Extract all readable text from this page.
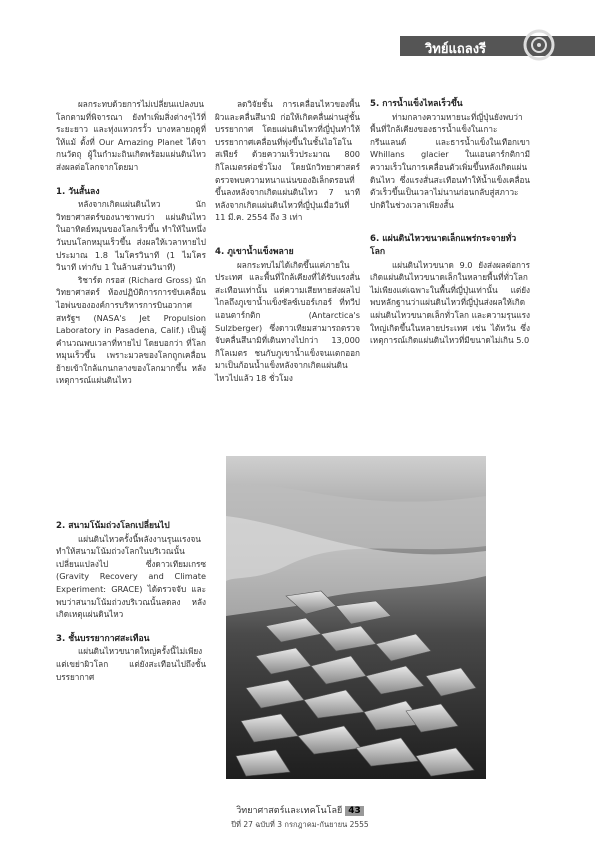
วิทย์แถลงรี

ผลกระทบด้วยการไม่เปลี่ยนแปลงบนโลกตามที่พิจารณา ยังทำเพิ่มสิ่งต่างๆไว้ที่ระยะยาว และทุ่งแหวกรวั้ว บางหลายฤดูที่ให้แม้ ตั้งที่ Our Amazing Planet ได้จากนวัตถุ ผู้ในกำมะถินเกิดพร้อมแผ่นดินไหว ส่งผลต่อโลกจากโดยมา

1. วันสั้นลง

หลังจากเกิดแผ่นดินไหว นักวิทยาศาสตร์ของนาซาพบว่า แผ่นดินไหวในอาทิตย์หมุนของโลกเร็วขึ้น ทำให้ในหนึ่งวันบนโลกหมุนเร็วขึ้น ส่งผลให้เวลาหายไปประมาณ 1.8 ไมโครวินาที (1 ไมโครวินาที เท่ากับ 1 ในล้านส่วนวินาที)

ริชาร์ด กรอส (Richard Gross) นักวิทยาศาสตร์ ห้องปฏิบัติการการขับเคลื่อนไอพ่นขององค์การบริหารการบินอวกาศสหรัฐฯ (NASA's Jet Propulsion Laboratory in Pasadena, Calif.) เป็นผู้คำนวณพบเวลาที่หายไป โดยบอกว่า ที่โลกหมุนเร็วขึ้น เพราะมวลของโลกถูกเคลื่อนย้ายเข้าใกล้แกนกลางของโลกมากขึ้น หลังเหตุการณ์แผ่นดินไหว

2. สนามโน้มถ่วงโลกเปลี่ยนไป

แผ่นดินไหวครั้งนี้พลังงานรุนแรงจนทำให้สนามโน้มถ่วงโลกในบริเวณนั้นเปลี่ยนแปลงไป ซึ่งดาวเทียมเกรซ (Gravity Recovery and Climate Experiment: GRACE) ได้ตรวจจับ และพบว่าสนามโน้มถ่วงบริเวณนั้นลดลง หลังเกิดเหตุแผ่นดินไหว

3. ชั้นบรรยากาศสะเทือน

แผ่นดินไหวขนาดใหญ่ครั้งนี้ไม่เพียงแต่เขย่าผิวโลก แต่ยังสะเทือนไปถึงชั้นบรรยากาศ

ลดวิจัยชั้น การเคลื่อนไหวของพื้นผิวและคลื่นสึนามิ ก่อให้เกิดคลื่นผ่านสู่ชั้นบรรยากาศ โดยแผ่นดินไหวที่ญี่ปุ่นทำให้บรรยากาศเคลื่อนที่พุ่งขึ้นในชั้นไอโอโนสเฟียร์ ด้วยความเร็วประมาณ 800 กิโลเมตรต่อชั่วโมง โดยนักวิทยาศาสตร์ตรวจพบความหนาแน่นของอิเล็กตรอนที่ขึ้นลงหลังจากเกิดแผ่นดินไหว 7 นาที หลังจากเกิดแผ่นดินไหวที่ญี่ปุ่นเมื่อวันที่ 11 มี.ค. 2554 ถึง 3 เท่า

4. ภูเขาน้ำแข็งพลาย

ผลกระทบไม่ได้เกิดขึ้นแค่ภายในประเทศ และพื้นที่ใกล้เคียงที่ได้รับแรงสั่นสะเทือนเท่านั้น แต่ความเสียหายส่งผลไปไกลถึงภูเขาน้ำแข็งซัลซ์เบอร์เกอร์ ที่ทวีปแอนตาร์กติก (Antarctica's Sulzberger) ซึ่งดาวเทียมสามารถตรวจจับคลื่นสึนามิที่เดินทางไปกว่า 13,000 กิโลเมตร ชนกับภูเขาน้ำแข็งจนแตกออกมาเป็นก้อนน้ำแข็งหลังจากเกิดแผ่นดินไหวไปแล้ว 18 ชั่วโมง

5. การน้ำแข็งไหลเร็วขึ้น

ท่ามกลางความหายนะที่ญี่ปุ่นยังพบว่าพื้นที่ใกล้เคียงของธารน้ำแข็งในเกาะกรีนแลนด์ และธารน้ำแข็งในเทือกเขา Whillans glacier ในแอนตาร์กติกามีความเร็วในการเคลื่อนตัวเพิ่มขึ้นหลังเกิดแผ่นดินไหว ซึ่งแรงสั่นสะเทือนทำให้น้ำแข็งเคลื่อนตัวเร็วขึ้นเป็นเวลาไม่นานก่อนกลับสู่สภาวะปกติในช่วงเวลาเพียงสั้น

6. แผ่นดินไหวขนาดเล็กแพร่กระจายทั่วโลก

แผ่นดินไหวขนาด 9.0 ยังส่งผลต่อการเกิดแผ่นดินไหวขนาดเล็กในหลายพื้นที่ทั่วโลก ไม่เพียงแต่เฉพาะในพื้นที่ญี่ปุ่นเท่านั้น แต่ยังพบหลักฐานว่าแผ่นดินไหวที่ญี่ปุ่นส่งผลให้เกิดแผ่นดินไหวขนาดเล็กทั่วโลก และความรุนแรงใหญ่เกิดขึ้นในหลายประเทศ เช่น ไต้หวัน ซึ่งเหตุการณ์เกิดแผ่นดินไหวที่มีขนาดไม่เกิน 5.0

วิทยาศาสตร์และเทคโนโลยี 43
ปีที่ 27 ฉบับที่ 3 กรกฎาคม-กันยายน 2555
